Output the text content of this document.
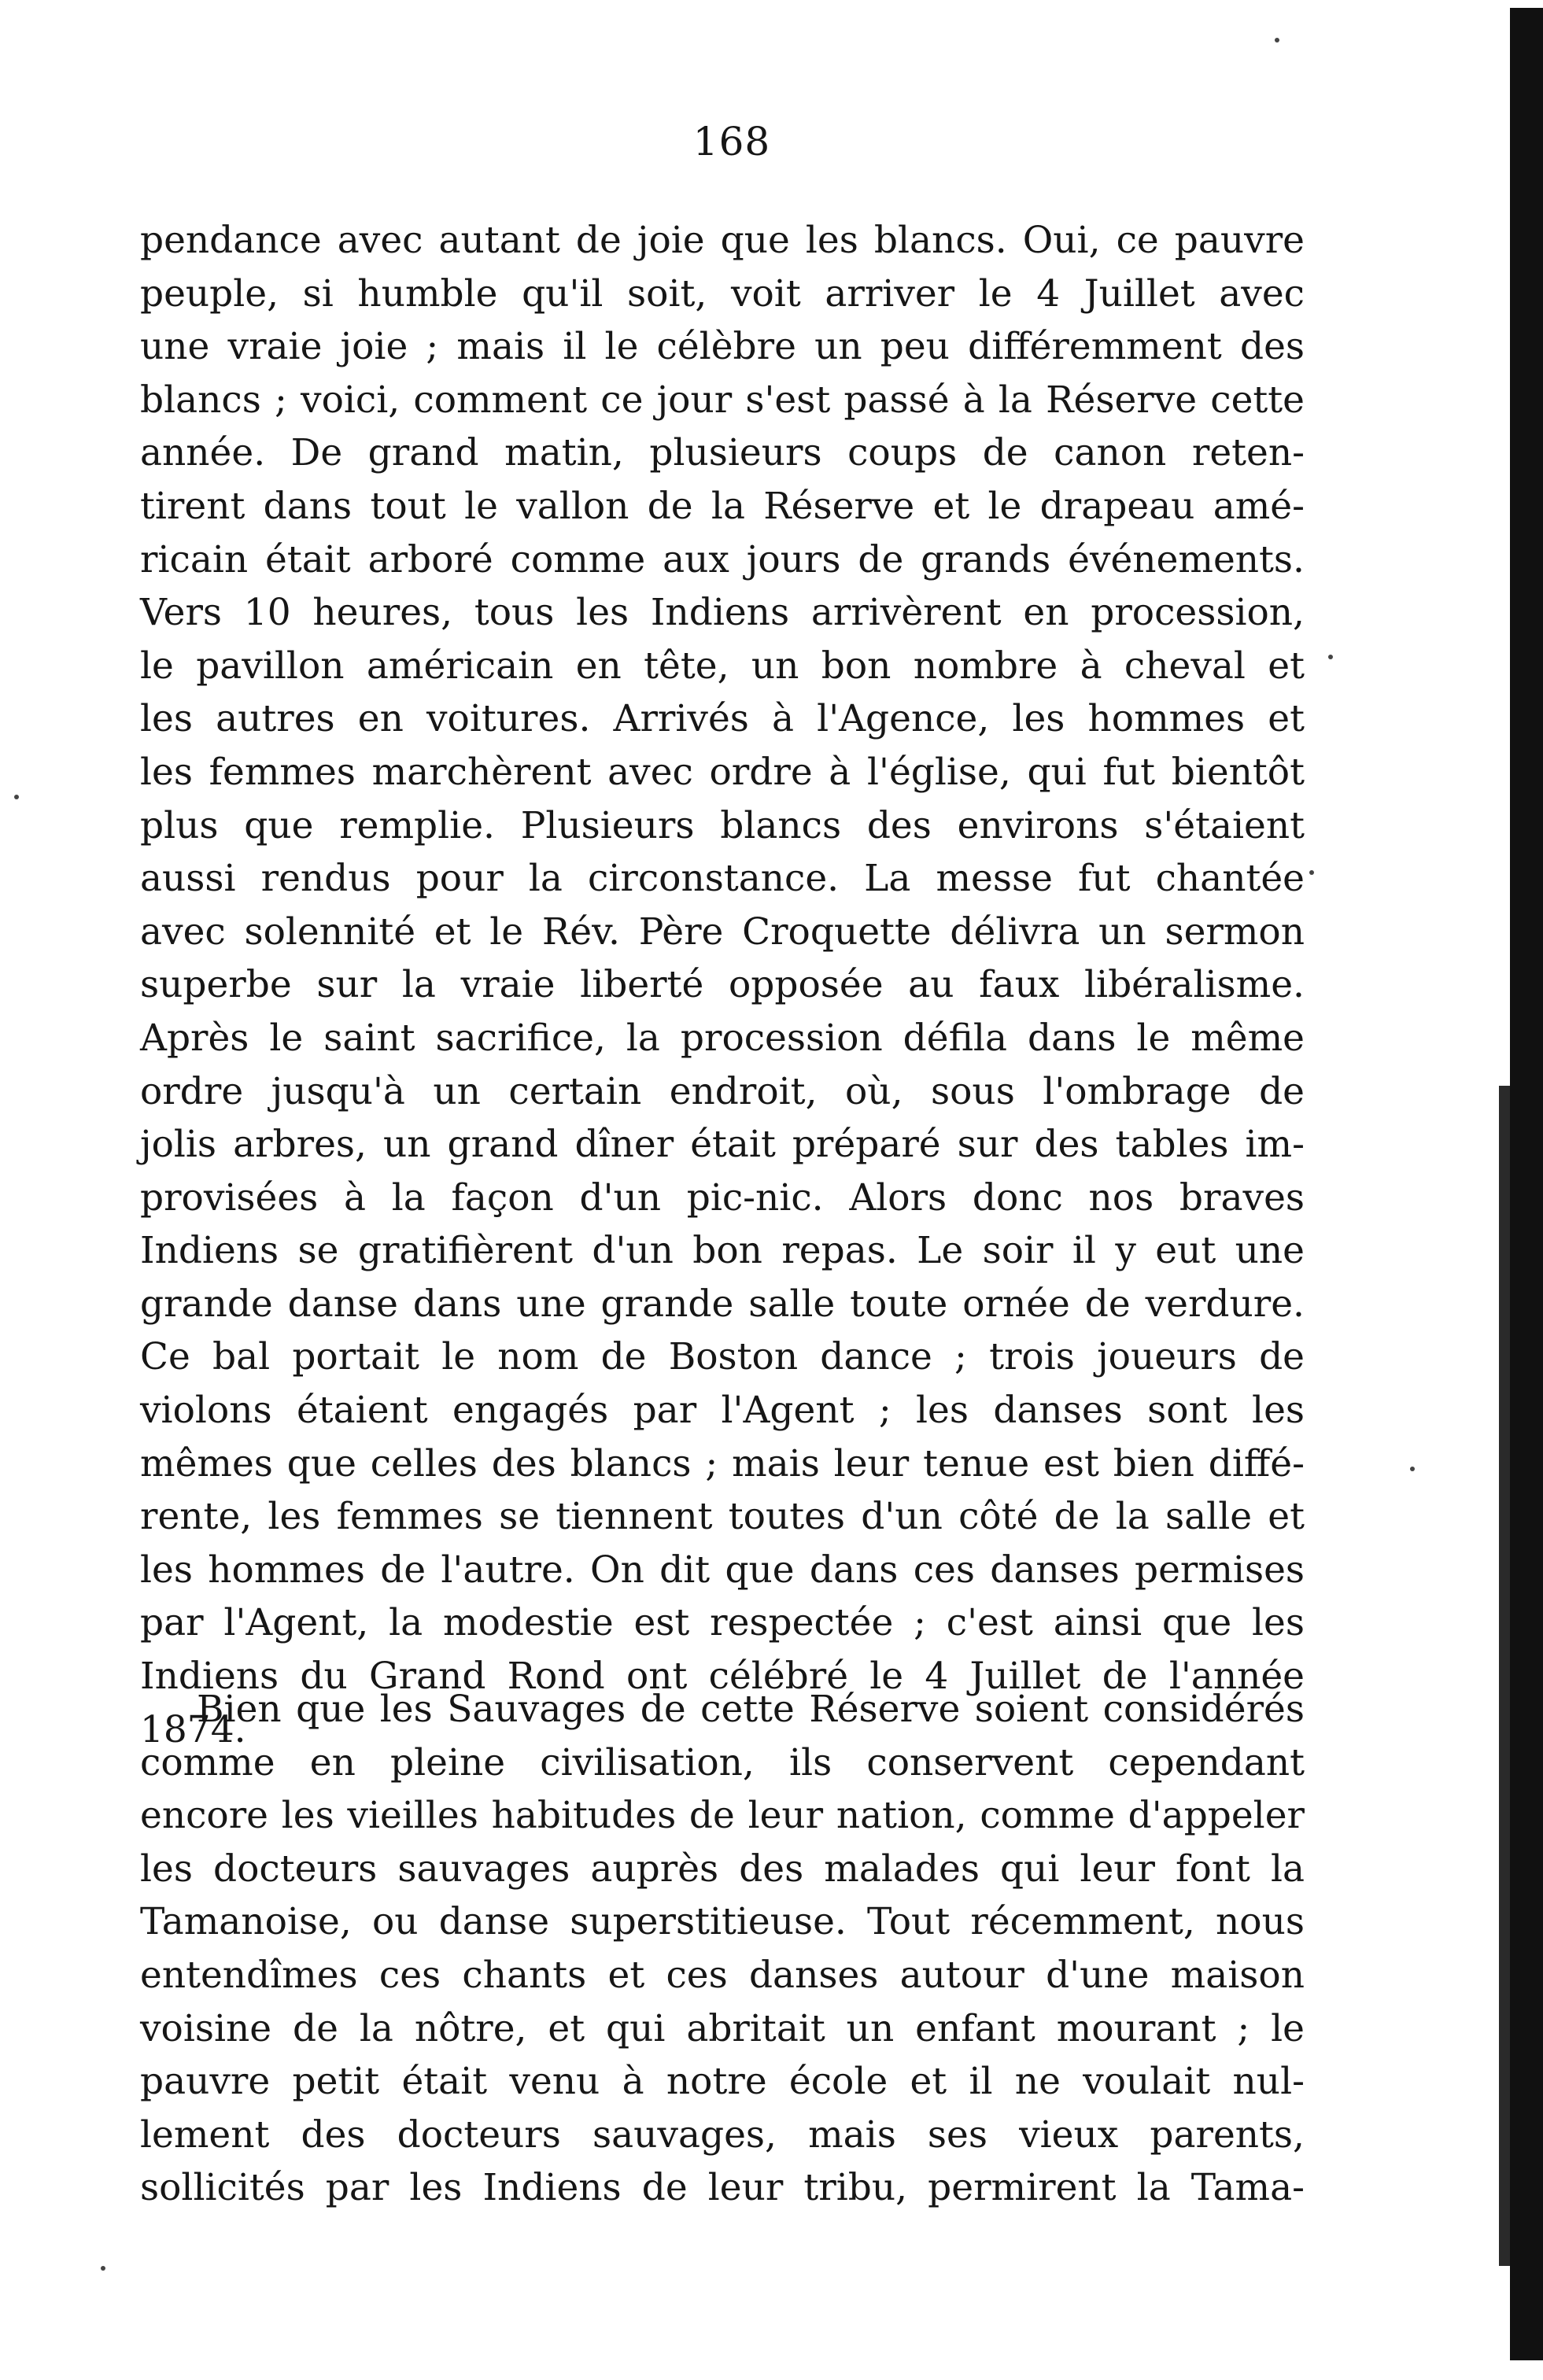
168
pendance avec autant de joie que les blancs. Oui, ce pauvre
peuple, si humble qu'il soit, voit arriver le 4 Juillet avec
une vraie joie ; mais il le célèbre un peu différemment des
blancs ; voici, comment ce jour s'est passé à la Réserve cette
année. De grand matin, plusieurs coups de canon reten-
tirent dans tout le vallon de la Réserve et le drapeau amé-
ricain était arboré comme aux jours de grands événements.
Vers 10 heures, tous les Indiens arrivèrent en procession,
le pavillon américain en tête, un bon nombre à cheval et
les autres en voitures. Arrivés à l'Agence, les hommes et
les femmes marchèrent avec ordre à l'église, qui fut bientôt
plus que remplie. Plusieurs blancs des environs s'étaient
aussi rendus pour la circonstance. La messe fut chantée
avec solennité et le Rév. Père Croquette délivra un sermon
superbe sur la vraie liberté opposée au faux libéralisme.
Après le saint sacrifice, la procession défila dans le même
ordre jusqu'à un certain endroit, où, sous l'ombrage de
jolis arbres, un grand dîner était préparé sur des tables im-
provisées à la façon d'un pic-nic. Alors donc nos braves
Indiens se gratifièrent d'un bon repas. Le soir il y eut une
grande danse dans une grande salle toute ornée de verdure.
Ce bal portait le nom de Boston dance ; trois joueurs de
violons étaient engagés par l'Agent ; les danses sont les
mêmes que celles des blancs ; mais leur tenue est bien diffé-
rente, les femmes se tiennent toutes d'un côté de la salle et
les hommes de l'autre. On dit que dans ces danses permises
par l'Agent, la modestie est respectée ; c'est ainsi que les
Indiens du Grand Rond ont célébré le 4 Juillet de l'année
1874.
Bien que les Sauvages de cette Réserve soient considérés
comme en pleine civilisation, ils conservent cependant
encore les vieilles habitudes de leur nation, comme d'appeler
les docteurs sauvages auprès des malades qui leur font la
Tamanoise, ou danse superstitieuse. Tout récemment, nous
entendîmes ces chants et ces danses autour d'une maison
voisine de la nôtre, et qui abritait un enfant mourant ; le
pauvre petit était venu à notre école et il ne voulait nul-
lement des docteurs sauvages, mais ses vieux parents,
sollicités par les Indiens de leur tribu, permirent la Tama-
